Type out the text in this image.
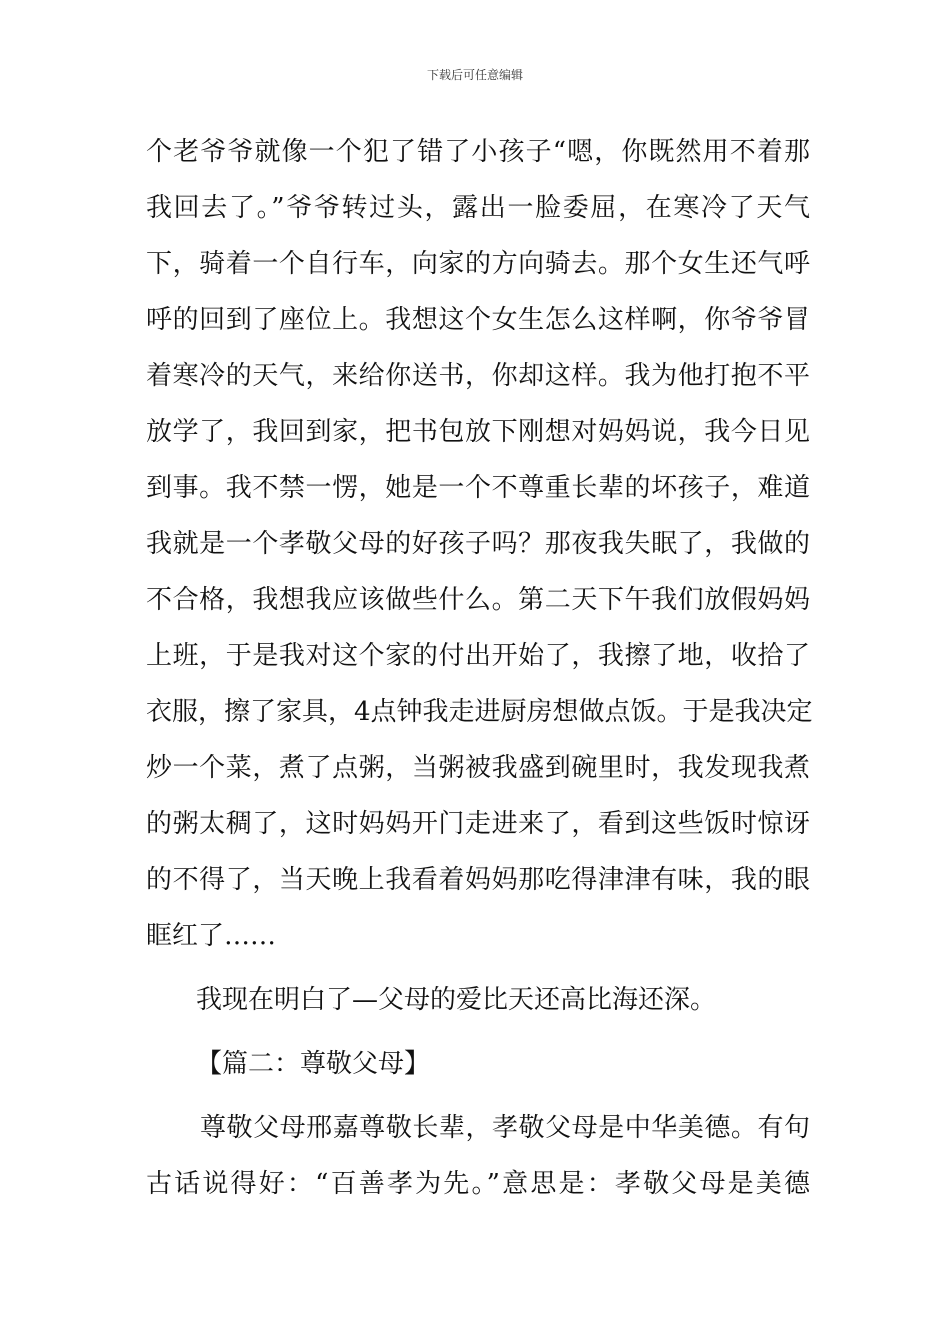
下载后可任意编辑
个老爷爷就像一个犯了错了小孩子“嗯，你既然用不着那
我回去了。”爷爷转过头，露出一脸委屈，在寒冷了天气
下，骑着一个自行车，向家的方向骑去。那个女生还气呼
呼的回到了座位上。我想这个女生怎么这样啊，你爷爷冒
着寒冷的天气，来给你送书，你却这样。我为他打抱不平
放学了，我回到家，把书包放下刚想对妈妈说，我今日见
到事。我不禁一愣，她是一个不尊重长辈的坏孩子，难道
我就是一个孝敬父母的好孩子吗？那夜我失眠了，我做的
不合格，我想我应该做些什么。第二天下午我们放假妈妈
上班，于是我对这个家的付出开始了，我擦了地，收拾了
衣服，擦了家具，4点钟我走进厨房想做点饭。于是我决定
炒一个菜，煮了点粥，当粥被我盛到碗里时，我发现我煮
的粥太稠了，这时妈妈开门走进来了，看到这些饭时惊讶
的不得了，当天晚上我看着妈妈那吃得津津有味，我的眼
眶红了……
我现在明白了—父母的爱比天还高比海还深。
【篇二：尊敬父母】
尊敬父母邢嘉尊敬长辈，孝敬父母是中华美德。有句
古话说得好：“百善孝为先。”意思是：孝敬父母是美德
